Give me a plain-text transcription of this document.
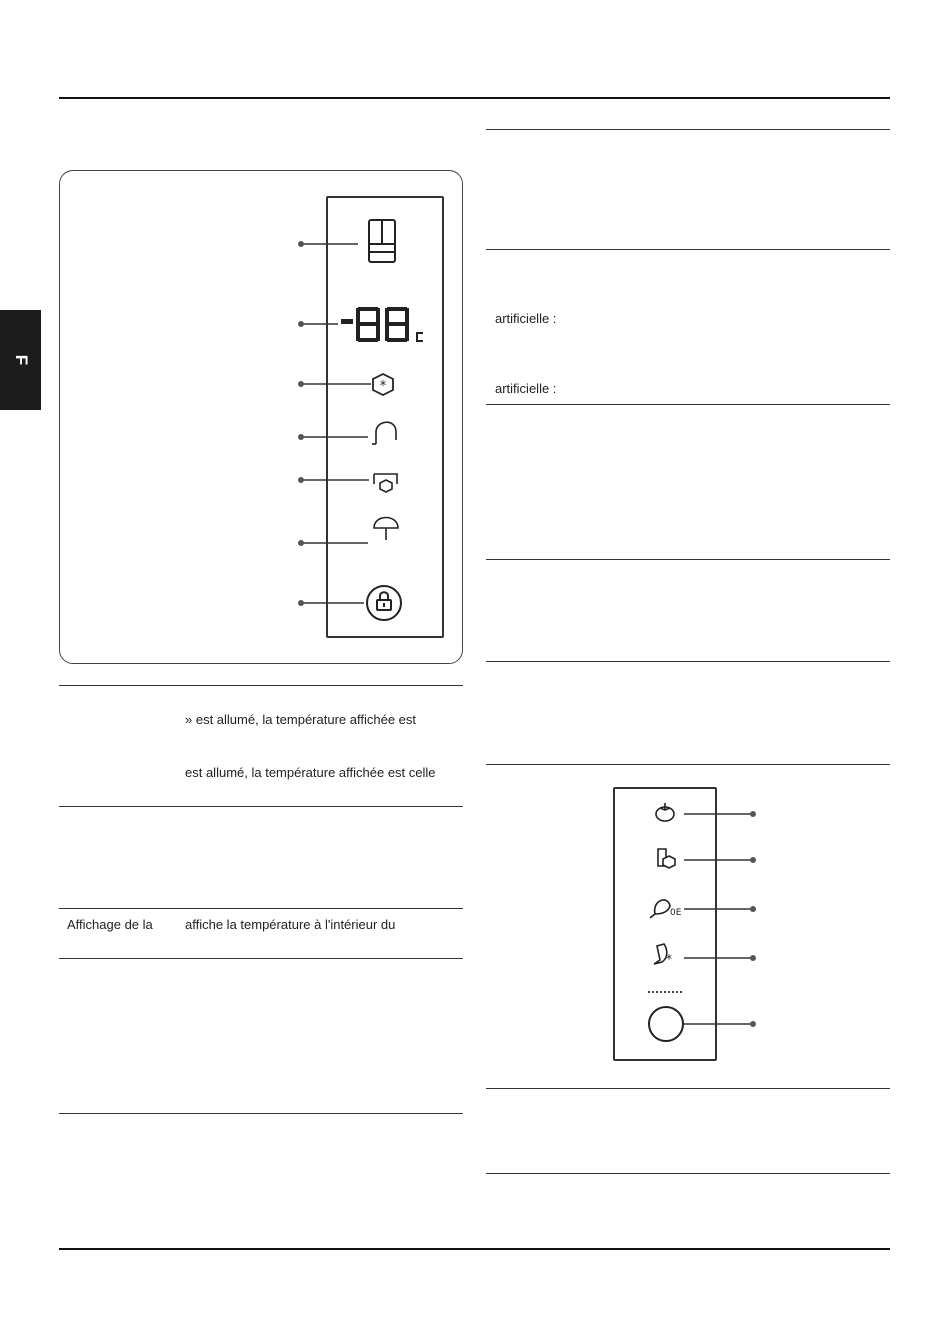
F
*
0E
*
» est allumé, la température affichée est
est allumé, la température affichée est celle
Affichage de la affiche la température à l'intérieur du
artificielle :
artificielle :
